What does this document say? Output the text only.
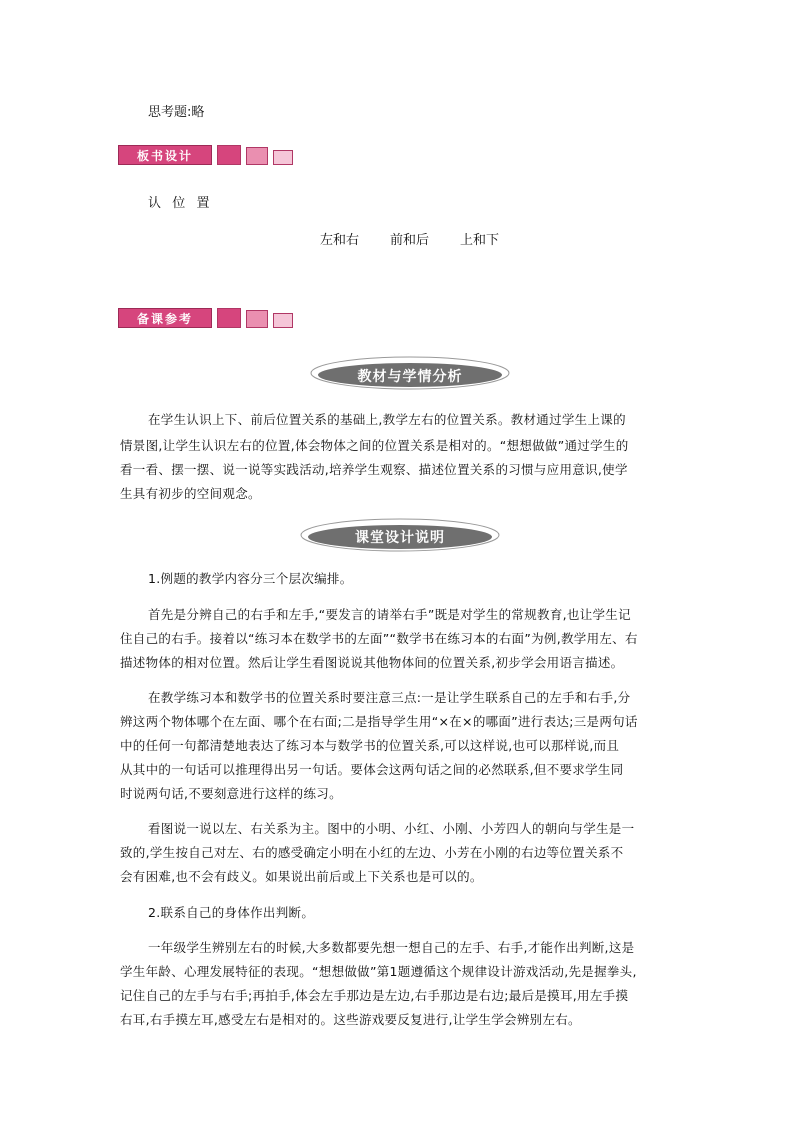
思考题:略
板书设计
认  位  置
左和右 前和后 上和下
备课参考
教材与学情分析
在学生认识上下、前后位置关系的基础上,教学左右的位置关系。教材通过学生上课的
情景图,让学生认识左右的位置,体会物体之间的位置关系是相对的。“想想做做”通过学生的
看一看、摆一摆、说一说等实践活动,培养学生观察、描述位置关系的习惯与应用意识,使学
生具有初步的空间观念。
课堂设计说明
1.例题的教学内容分三个层次编排。
首先是分辨自己的右手和左手,“要发言的请举右手”既是对学生的常规教育,也让学生记
住自己的右手。接着以“练习本在数学书的左面”“数学书在练习本的右面”为例,教学用左、右
描述物体的相对位置。然后让学生看图说说其他物体间的位置关系,初步学会用语言描述。
在教学练习本和数学书的位置关系时要注意三点:一是让学生联系自己的左手和右手,分
辨这两个物体哪个在左面、哪个在右面;二是指导学生用“×在×的哪面”进行表达;三是两句话
中的任何一句都清楚地表达了练习本与数学书的位置关系,可以这样说,也可以那样说,而且
从其中的一句话可以推理得出另一句话。要体会这两句话之间的必然联系,但不要求学生同
时说两句话,不要刻意进行这样的练习。
看图说一说以左、右关系为主。图中的小明、小红、小刚、小芳四人的朝向与学生是一
致的,学生按自己对左、右的感受确定小明在小红的左边、小芳在小刚的右边等位置关系不
会有困难,也不会有歧义。如果说出前后或上下关系也是可以的。
2.联系自己的身体作出判断。
一年级学生辨别左右的时候,大多数都要先想一想自己的左手、右手,才能作出判断,这是
学生年龄、心理发展特征的表现。“想想做做”第1题遵循这个规律设计游戏活动,先是握拳头,
记住自己的左手与右手;再拍手,体会左手那边是左边,右手那边是右边;最后是摸耳,用左手摸
右耳,右手摸左耳,感受左右是相对的。这些游戏要反复进行,让学生学会辨别左右。
